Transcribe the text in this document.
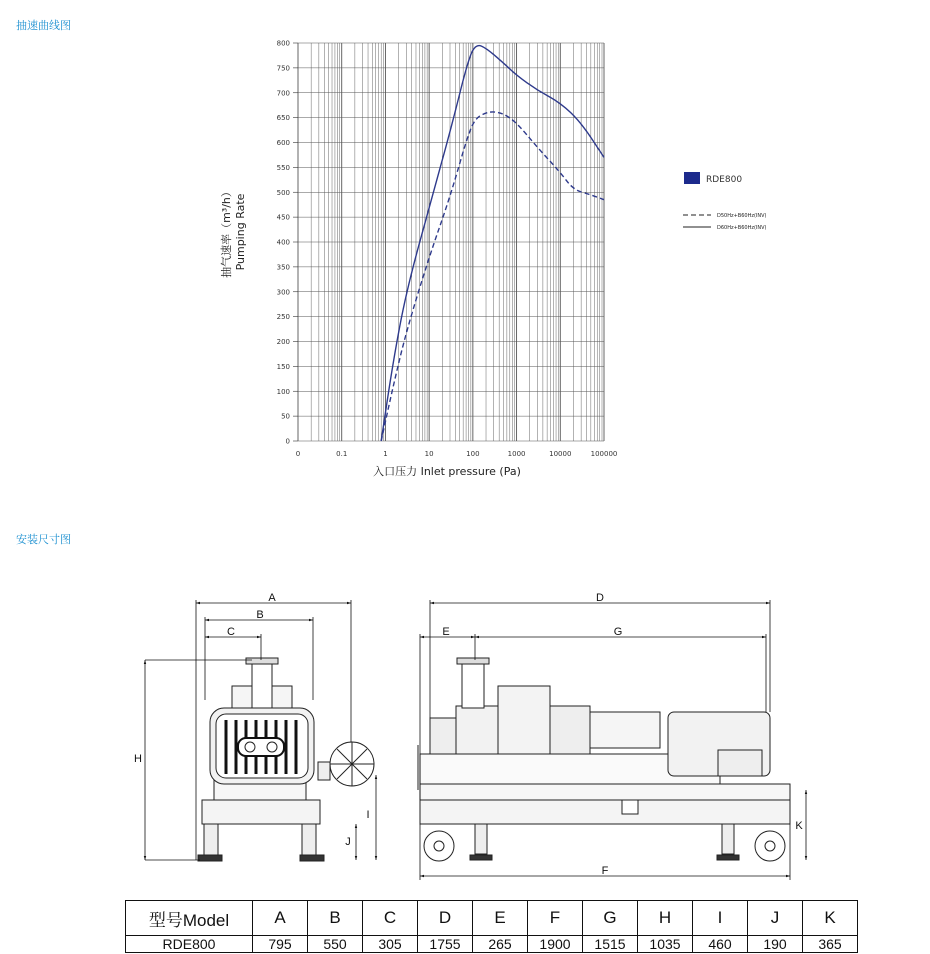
抽速曲线图
0
50
100
150
200
250
300
350
400
450
500
550
600
650
700
750
800
0	0.1	1	10	100	1000	10000	100000
入口压力 Inlet pressure (Pa)
抽气速率（m³/h） Pumping Rate
RDE800
D50Hz+B60Hz(INV)
D60Hz+B60Hz(INV)
安装尺寸图
A
B
C
H
I
J
D
E	G
F
K
型号Model	A	B	C	D	E	F	G	H	I	J	K
RDE800	795	550	305	1755	265	1900	1515	1035	460	190	365
